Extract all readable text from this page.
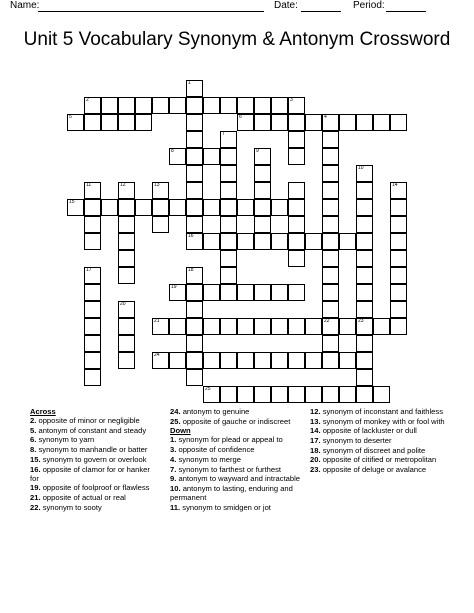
Name:	Date:	Period:
Unit 5 Vocabulary Synonym & Antonym Crossword
1
16
2	3
4
5	6
7
8	9
10
11	12	13	14
15
17	18
19
20
21	22	23
24
25
Across
2. opposite of minor or negligible
5. antonym of constant and steady
6. synonym to yarn
8. synonym to manhandle or batter
15. synonym to govern or overlook
16. opposite of clamor for or hanker for
19. opposite of foolproof or flawless
21. opposite of actual or real
22. synonym to sooty
24. antonym to genuine
25. opposite of gauche or indiscreet
Down
1. synonym for plead or appeal to
3. opposite of confidence
4. synonym to merge
7. synonym to farthest or furthest
9. antonym to wayward and intractable
10. antonym to lasting, enduring and permanent
11. synonym to smidgen or jot
12. synonym of inconstant and faithless
13. synonym of monkey with or fool with
14. opposite of lackluster or dull
17. synonym to deserter
18. synonym of discreet and polite
20. opposite of citified or metropolitan
23. opposite of deluge or avalance
